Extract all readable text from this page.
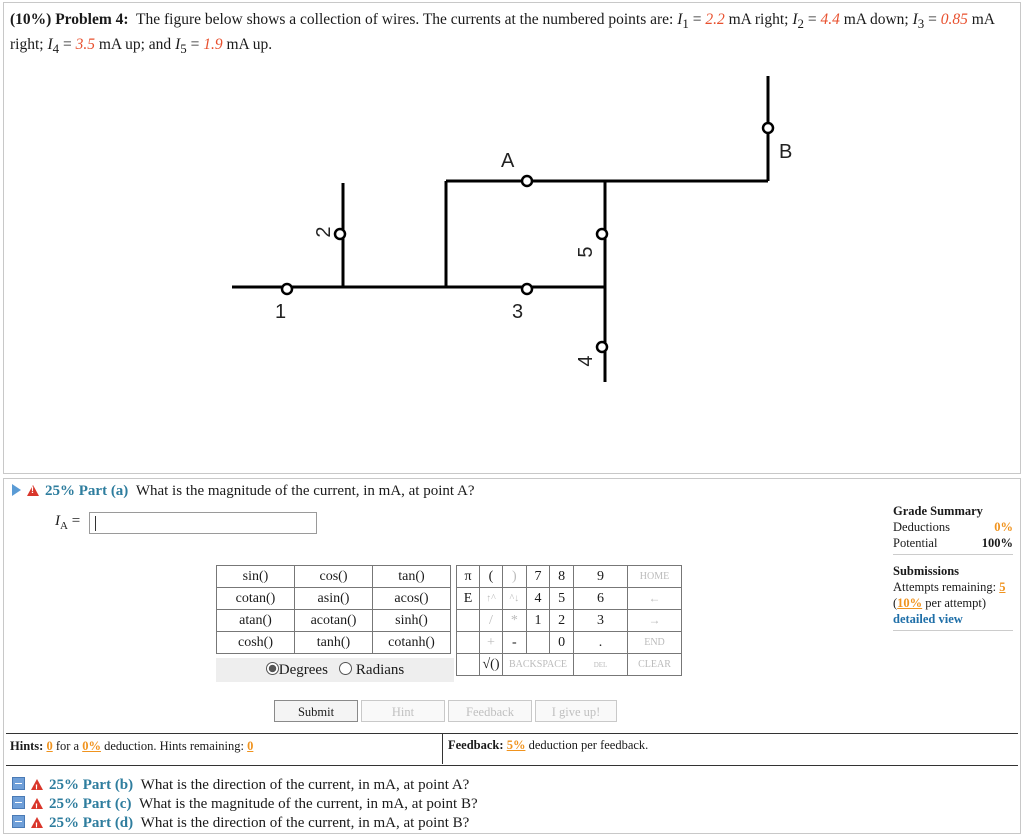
(10%) Problem 4: The figure below shows a collection of wires. The currents at the numbered points are: $I_1 = 2.2$ mA right; $I_2 = 4.4$ mA down; $I_3 = 0.85$ mA right; $I_4 = 3.5$ mA up; and $I_5 = 1.9$ mA up.
1
2
3
4
5
A	B
!25% Part (a) What is the magnitude of the current, in mA, at point A?
$I_A$ =
Grade Summary
Deductions	0%
Potential	100%
Submissions
Attempts remaining: 5
(10% per attempt)
detailed view
sin()	cos()	tan()
cotan()	asin()	acos()
atan()	acotan()	sinh()
cosh()	tanh()	cotanh()
Degrees Radians
π	(	)	7	8	9	HOME
E	↑^	^↓	4	5	6	←
	/	*	1	2	3	→
	+	-		0	.	END
	√()	BACKSPACE			DEL	CLEAR
Submit	Hint	Feedback	I give up!
Hints: 0 for a 0% deduction. Hints remaining: 0	Feedback: 5% deduction per feedback.
!25% Part (b) What is the direction of the current, in mA, at point A?
!25% Part (c) What is the magnitude of the current, in mA, at point B?
!25% Part (d) What is the direction of the current, in mA, at point B?
